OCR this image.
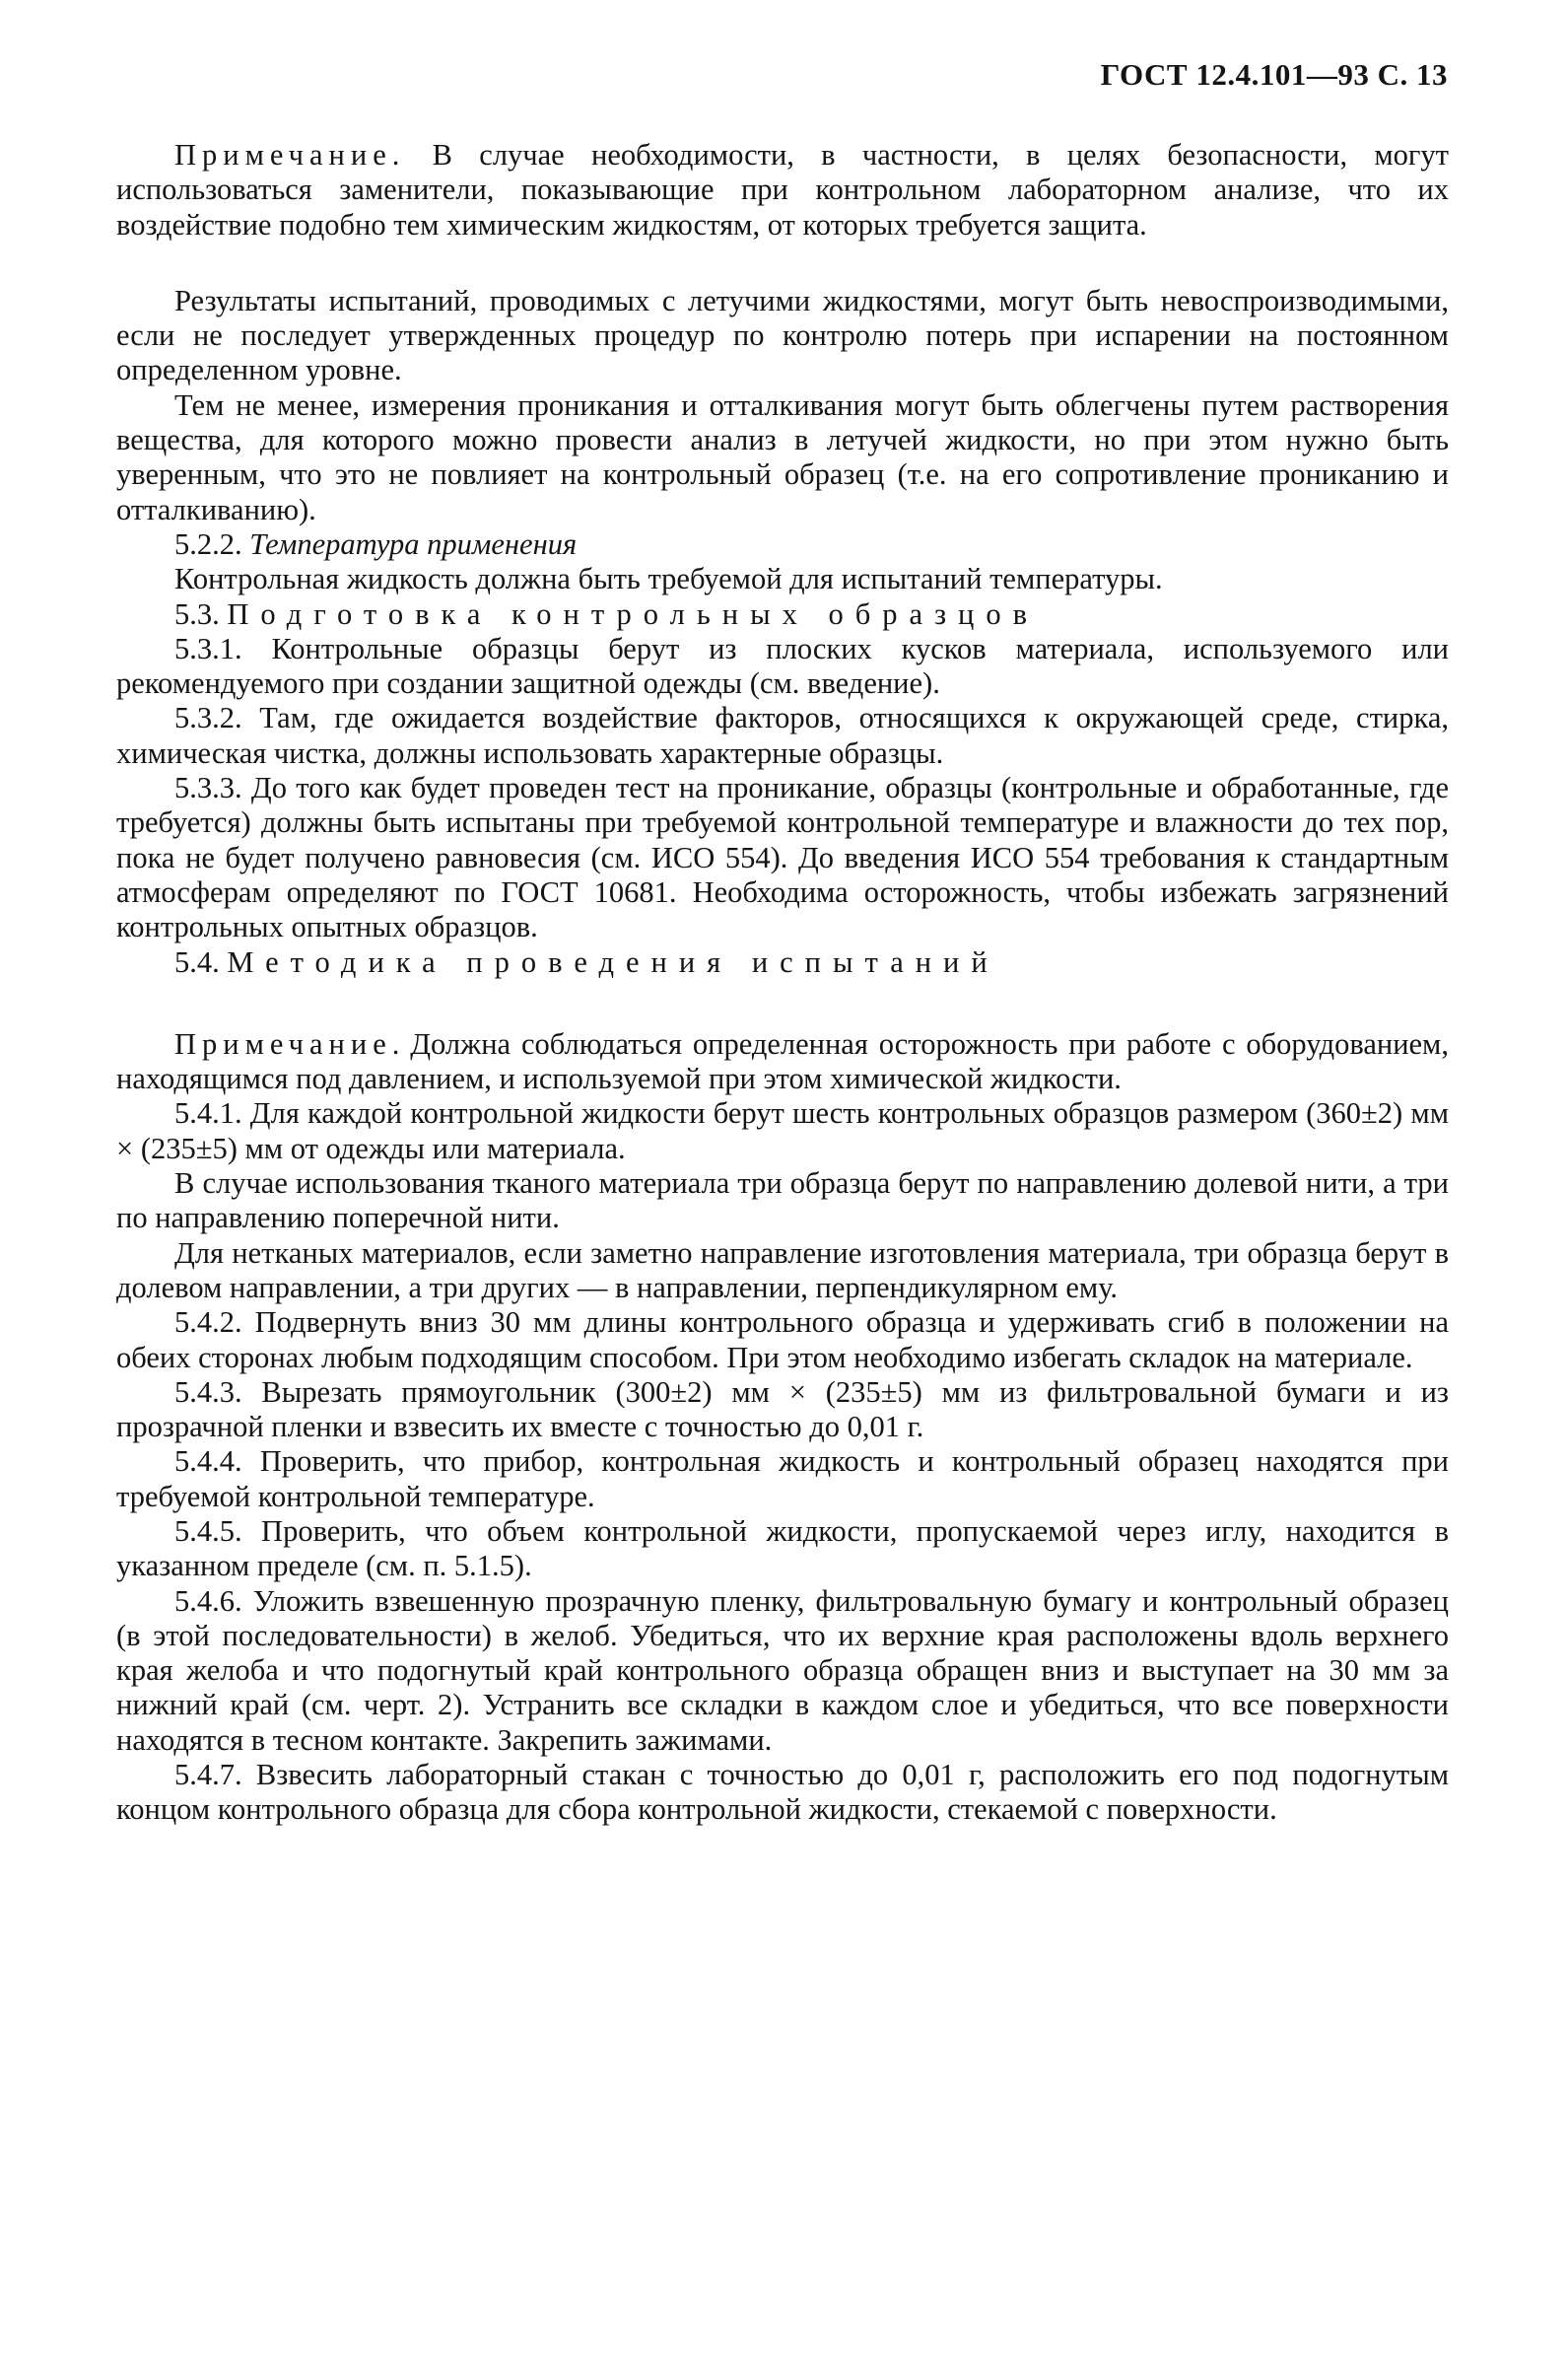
ГОСТ 12.4.101—93 С. 13

Примечание. В случае необходимости, в частности, в целях безопасности, могут использоваться заменители, показывающие при контрольном лабораторном анализе, что их воздействие подобно тем химическим жидкостям, от которых требуется защита.

Результаты испытаний, проводимых с летучими жидкостями, могут быть невоспроизводимыми, если не последует утвержденных процедур по контролю потерь при испарении на постоянном определенном уровне.

Тем не менее, измерения проникания и отталкивания могут быть облегчены путем растворения вещества, для которого можно провести анализ в летучей жидкости, но при этом нужно быть уверенным, что это не повлияет на контрольный образец (т.е. на его сопротивление прониканию и отталкиванию).

5.2.2. Температура применения

Контрольная жидкость должна быть требуемой для испытаний температуры.

5.3. Подготовка контрольных образцов

5.3.1. Контрольные образцы берут из плоских кусков материала, используемого или рекомендуемого при создании защитной одежды (см. введение).

5.3.2. Там, где ожидается воздействие факторов, относящихся к окружающей среде, стирка, химическая чистка, должны использовать характерные образцы.

5.3.3. До того как будет проведен тест на проникание, образцы (контрольные и обработанные, где требуется) должны быть испытаны при требуемой контрольной температуре и влажности до тех пор, пока не будет получено равновесия (см. ИСО 554). До введения ИСО 554 требования к стандартным атмосферам определяют по ГОСТ 10681. Необходима осторожность, чтобы избежать загрязнений контрольных опытных образцов.

5.4. Методика проведения испытаний

Примечание. Должна соблюдаться определенная осторожность при работе с оборудованием, находящимся под давлением, и используемой при этом химической жидкости.

5.4.1. Для каждой контрольной жидкости берут шесть контрольных образцов размером (360±2) мм × (235±5) мм от одежды или материала.

В случае использования тканого материала три образца берут по направлению долевой нити, а три по направлению поперечной нити.

Для нетканых материалов, если заметно направление изготовления материала, три образца берут в долевом направлении, а три других — в направлении, перпендикулярном ему.

5.4.2. Подвернуть вниз 30 мм длины контрольного образца и удерживать сгиб в положении на обеих сторонах любым подходящим способом. При этом необходимо избегать складок на материале.

5.4.3. Вырезать прямоугольник (300±2) мм × (235±5) мм из фильтровальной бумаги и из прозрачной пленки и взвесить их вместе с точностью до 0,01 г.

5.4.4. Проверить, что прибор, контрольная жидкость и контрольный образец находятся при требуемой контрольной температуре.

5.4.5. Проверить, что объем контрольной жидкости, пропускаемой через иглу, находится в указанном пределе (см. п. 5.1.5).

5.4.6. Уложить взвешенную прозрачную пленку, фильтровальную бумагу и контрольный образец (в этой последовательности) в желоб. Убедиться, что их верхние края расположены вдоль верхнего края желоба и что подогнутый край контрольного образца обращен вниз и выступает на 30 мм за нижний край (см. черт. 2). Устранить все складки в каждом слое и убедиться, что все поверхности находятся в тесном контакте. Закрепить зажимами.

5.4.7. Взвесить лабораторный стакан с точностью до 0,01 г, расположить его под подогнутым концом контрольного образца для сбора контрольной жидкости, стекаемой с поверхности.
